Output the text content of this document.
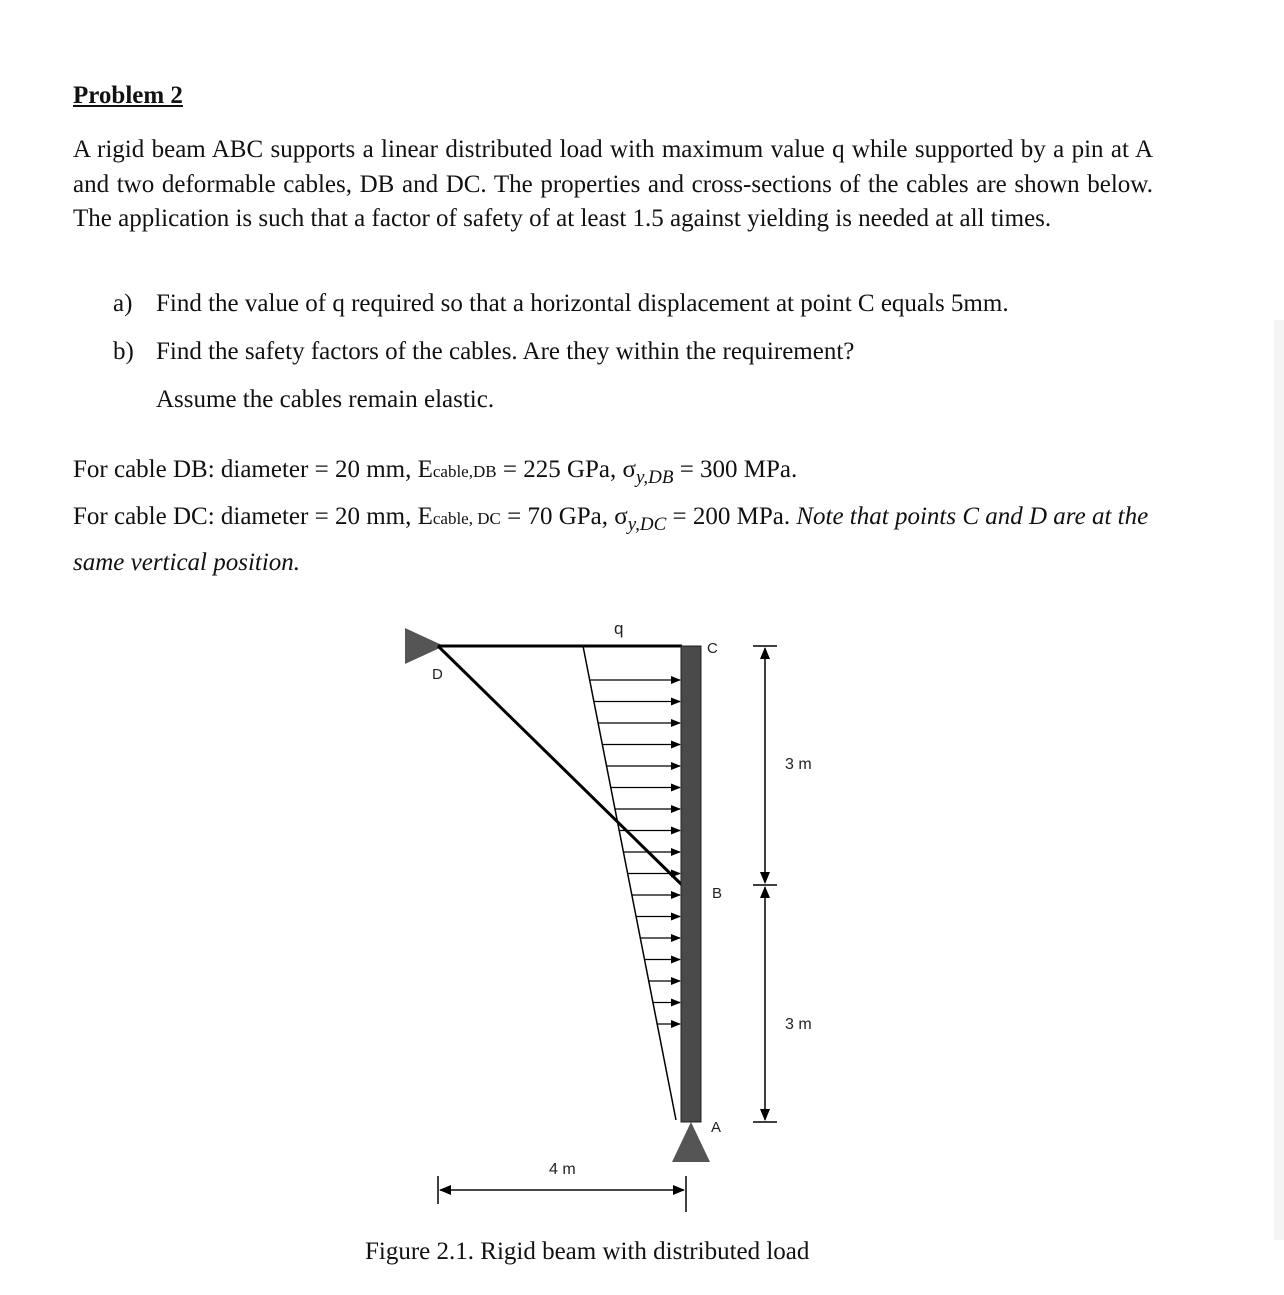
Problem 2
A rigid beam ABC supports a linear distributed load with maximum value q while supported by a pin at A and two deformable cables, DB and DC. The properties and cross-sections of the cables are shown below. The application is such that a factor of safety of at least 1.5 against yielding is needed at all times.
a) Find the value of q required so that a horizontal displacement at point C equals 5mm.
b) Find the safety factors of the cables. Are they within the requirement?
Assume the cables remain elastic.
For cable DB: diameter = 20 mm, Ecable,DB = 225 GPa, $\sigma_{y,DB} = 300$ MPa.
For cable DC: diameter = 20 mm, Ecable, DC = 70 GPa, $\sigma_{y,DC} = 200$ MPa. Note that points C and D are at the same vertical position.
q
C
D
B
A
3 m
3 m
4 m
Figure 2.1. Rigid beam with distributed load
